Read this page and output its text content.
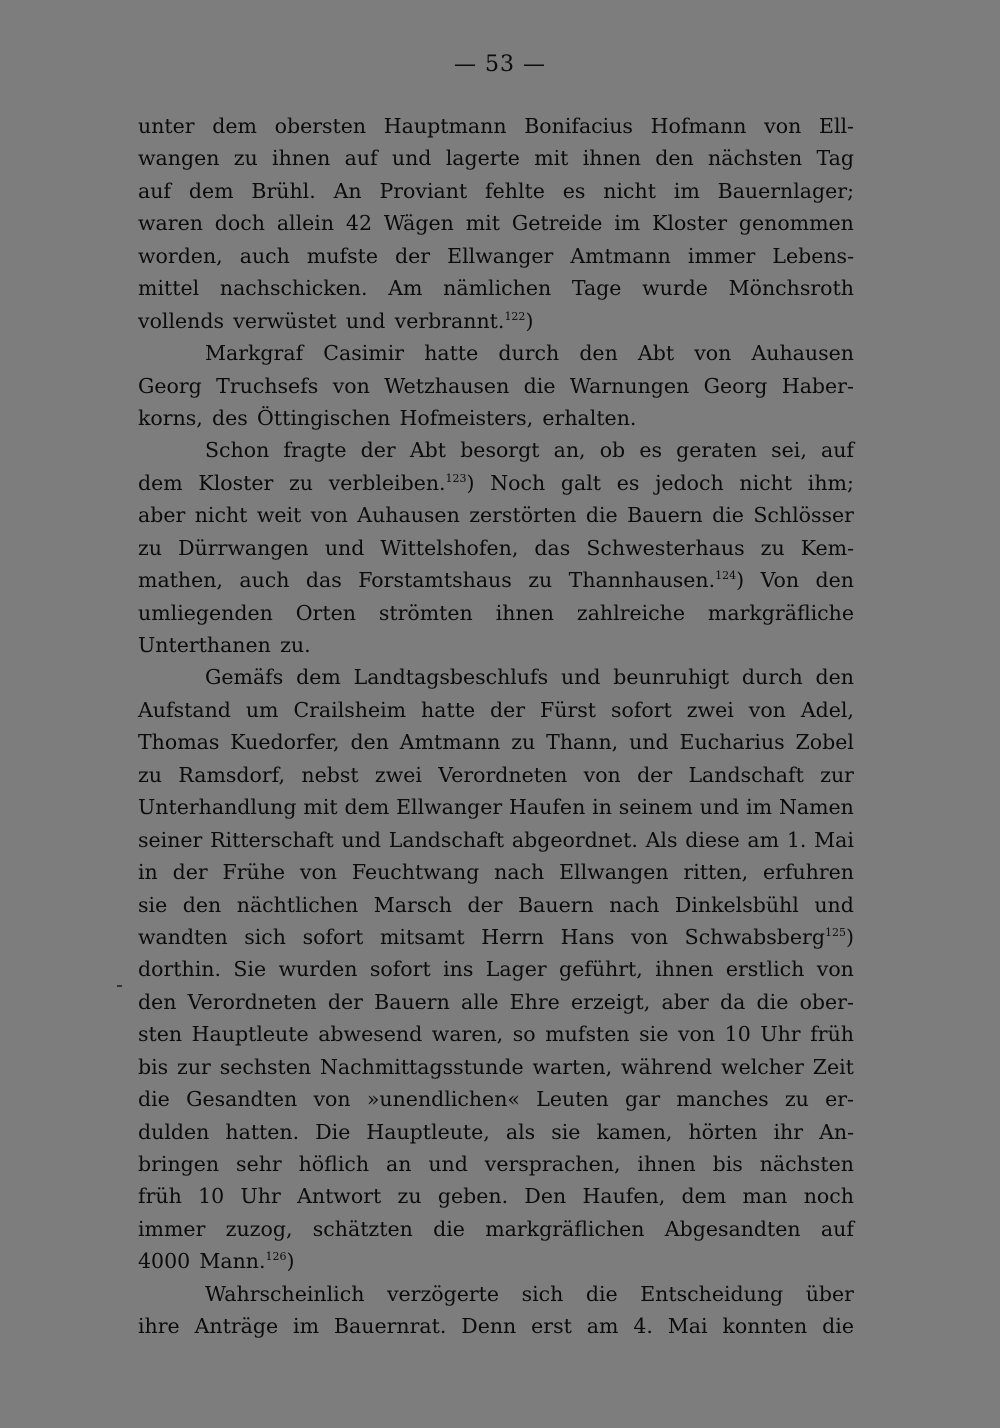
— 53 —
unter dem obersten Hauptmann Bonifacius Hofmann von Ell-
wangen zu ihnen auf und lagerte mit ihnen den nächsten Tag
auf dem Brühl. An Proviant fehlte es nicht im Bauernlager;
waren doch allein 42 Wägen mit Getreide im Kloster genommen
worden, auch mufste der Ellwanger Amtmann immer Lebens-
mittel nachschicken. Am nämlichen Tage wurde Mönchsroth
vollends verwüstet und verbrannt.$^{122}$)
Markgraf Casimir hatte durch den Abt von Auhausen
Georg Truchsefs von Wetzhausen die Warnungen Georg Haber-
korns, des Öttingischen Hofmeisters, erhalten.
Schon fragte der Abt besorgt an, ob es geraten sei, auf
dem Kloster zu verbleiben.$^{123}$) Noch galt es jedoch nicht ihm;
aber nicht weit von Auhausen zerstörten die Bauern die Schlösser
zu Dürrwangen und Wittelshofen, das Schwesterhaus zu Kem-
mathen, auch das Forstamtshaus zu Thannhausen.$^{124}$) Von den
umliegenden Orten strömten ihnen zahlreiche markgräfliche
Unterthanen zu.
Gemäfs dem Landtagsbeschlufs und beunruhigt durch den
Aufstand um Crailsheim hatte der Fürst sofort zwei von Adel,
Thomas Kuedorfer, den Amtmann zu Thann, und Eucharius Zobel
zu Ramsdorf, nebst zwei Verordneten von der Landschaft zur
Unterhandlung mit dem Ellwanger Haufen in seinem und im Namen
seiner Ritterschaft und Landschaft abgeordnet. Als diese am 1. Mai
in der Frühe von Feuchtwang nach Ellwangen ritten, erfuhren
sie den nächtlichen Marsch der Bauern nach Dinkelsbühl und
wandten sich sofort mitsamt Herrn Hans von Schwabsberg$^{125}$)
dorthin. Sie wurden sofort ins Lager geführt, ihnen erstlich von
den Verordneten der Bauern alle Ehre erzeigt, aber da die ober-
sten Hauptleute abwesend waren, so mufsten sie von 10 Uhr früh
bis zur sechsten Nachmittagsstunde warten, während welcher Zeit
die Gesandten von »unendlichen« Leuten gar manches zu er-
dulden hatten. Die Hauptleute, als sie kamen, hörten ihr An-
bringen sehr höflich an und versprachen, ihnen bis nächsten
früh 10 Uhr Antwort zu geben. Den Haufen, dem man noch
immer zuzog, schätzten die markgräflichen Abgesandten auf
4000 Mann.$^{126}$)
Wahrscheinlich verzögerte sich die Entscheidung über
ihre Anträge im Bauernrat. Denn erst am 4. Mai konnten die
